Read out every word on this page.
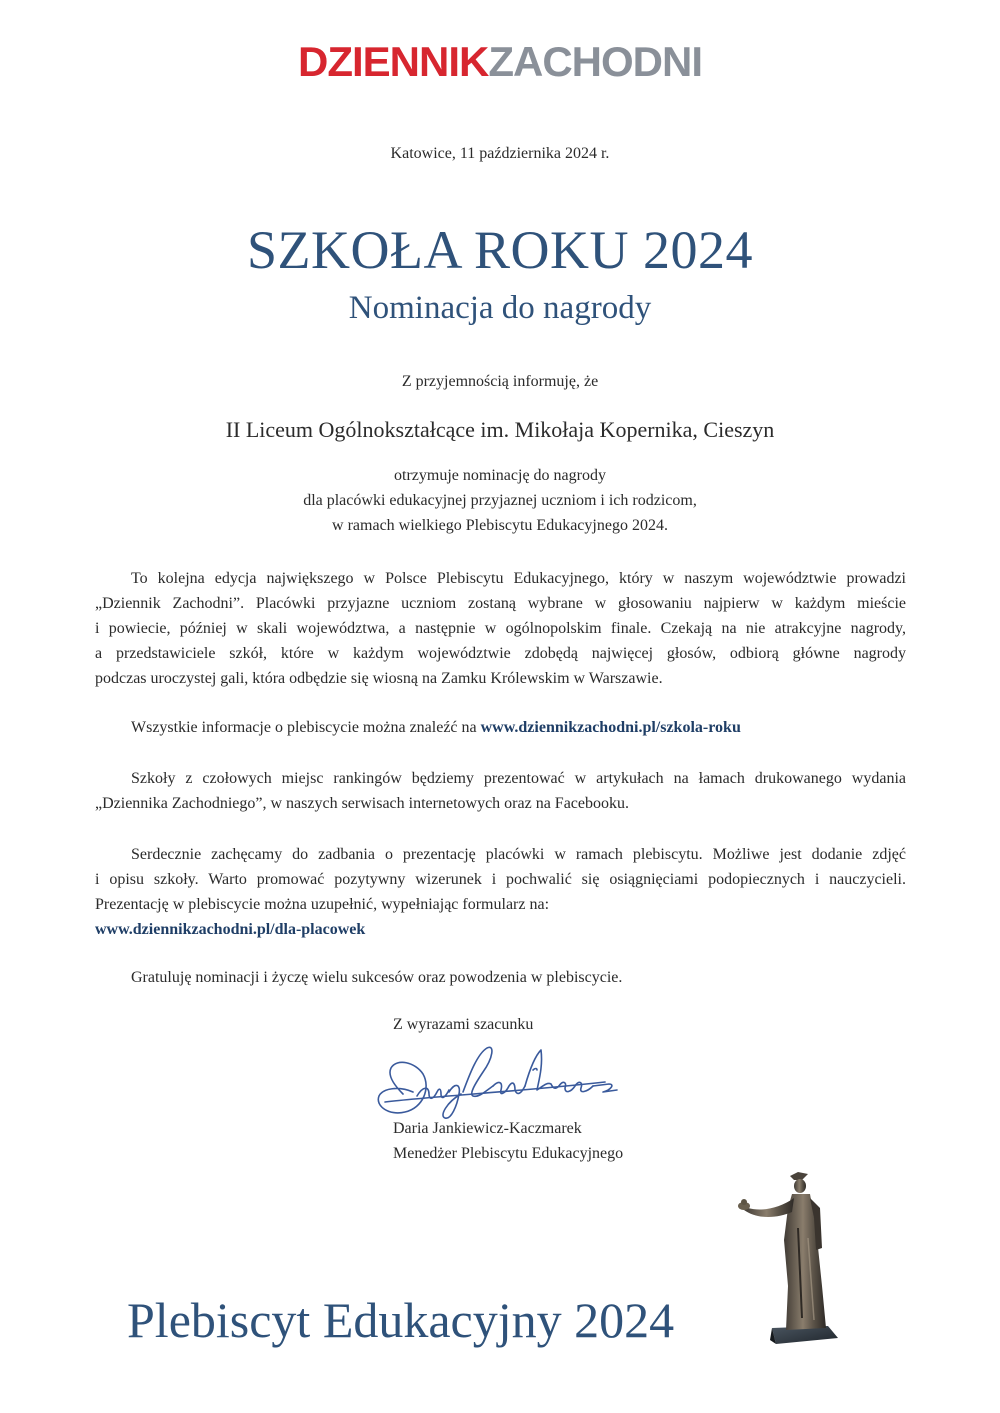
DZIENNIKZACHODNI
Katowice, 11 października 2024 r.
SZKOŁA ROKU 2024
Nominacja do nagrody
Z przyjemnością informuję, że
II Liceum Ogólnokształcące im. Mikołaja Kopernika, Cieszyn
otrzymuje nominację do nagrody
dla placówki edukacyjnej przyjaznej uczniom i ich rodzicom,
w ramach wielkiego Plebiscytu Edukacyjnego 2024.
To kolejna edycja największego w Polsce Plebiscytu Edukacyjnego, który w naszym województwie prowadzi
„Dziennik Zachodni”. Placówki przyjazne uczniom zostaną wybrane w głosowaniu najpierw w każdym mieście
i powiecie, później w skali województwa, a następnie w ogólnopolskim finale. Czekają na nie atrakcyjne nagrody,
a przedstawiciele szkół, które w każdym województwie zdobędą najwięcej głosów, odbiorą główne nagrody
podczas uroczystej gali, która odbędzie się wiosną na Zamku Królewskim w Warszawie.
Wszystkie informacje o plebiscycie można znaleźć na www.dziennikzachodni.pl/szkola-roku
Szkoły z czołowych miejsc rankingów będziemy prezentować w artykułach na łamach drukowanego wydania
„Dziennika Zachodniego”, w naszych serwisach internetowych oraz na Facebooku.
Serdecznie zachęcamy do zadbania o prezentację placówki w ramach plebiscytu. Możliwe jest dodanie zdjęć
i opisu szkoły. Warto promować pozytywny wizerunek i pochwalić się osiągnięciami podopiecznych i nauczycieli.
Prezentację w plebiscycie można uzupełnić, wypełniając formularz na:
www.dziennikzachodni.pl/dla-placowek
Gratuluję nominacji i życzę wielu sukcesów oraz powodzenia w plebiscycie.
Z wyrazami szacunku
Daria Jankiewicz-Kaczmarek
Menedżer Plebiscytu Edukacyjnego
Plebiscyt Edukacyjny 2024
